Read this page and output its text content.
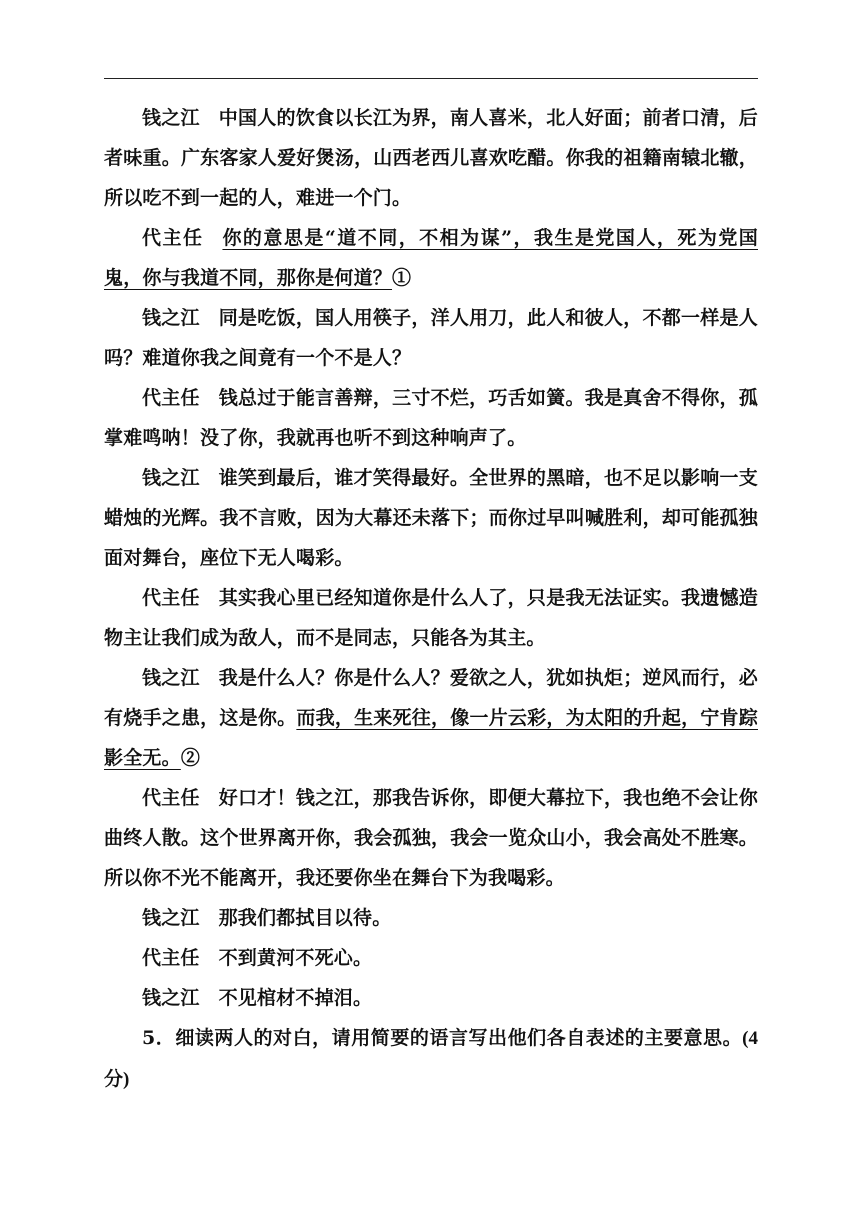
钱之江 中国人的饮食以长江为界，南人喜米，北人好面；前者口清，后者味重。广东客家人爱好煲汤，山西老西儿喜欢吃醋。你我的祖籍南辕北辙，所以吃不到一起的人，难进一个门。

代主任 你的意思是“道不同，不相为谋”，我生是党国人，死为党国鬼，你与我道不同，那你是何道？①

钱之江 同是吃饭，国人用筷子，洋人用刀，此人和彼人，不都一样是人吗？难道你我之间竟有一个不是人？

代主任 钱总过于能言善辩，三寸不烂，巧舌如簧。我是真舍不得你，孤掌难鸣呐！没了你，我就再也听不到这种响声了。

钱之江 谁笑到最后，谁才笑得最好。全世界的黑暗，也不足以影响一支蜡烛的光辉。我不言败，因为大幕还未落下；而你过早叫喊胜利，却可能孤独面对舞台，座位下无人喝彩。

代主任 其实我心里已经知道你是什么人了，只是我无法证实。我遗憾造物主让我们成为敌人，而不是同志，只能各为其主。

钱之江 我是什么人？你是什么人？爱欲之人，犹如执炬；逆风而行，必有烧手之患，这是你。而我，生来死往，像一片云彩，为太阳的升起，宁肯踪影全无。②

代主任 好口才！钱之江，那我告诉你，即便大幕拉下，我也绝不会让你曲终人散。这个世界离开你，我会孤独，我会一览众山小，我会高处不胜寒。所以你不光不能离开，我还要你坐在舞台下为我喝彩。

钱之江 那我们都拭目以待。

代主任 不到黄河不死心。

钱之江 不见棺材不掉泪。

5．细读两人的对白，请用简要的语言写出他们各自表述的主要意思。(4分)
